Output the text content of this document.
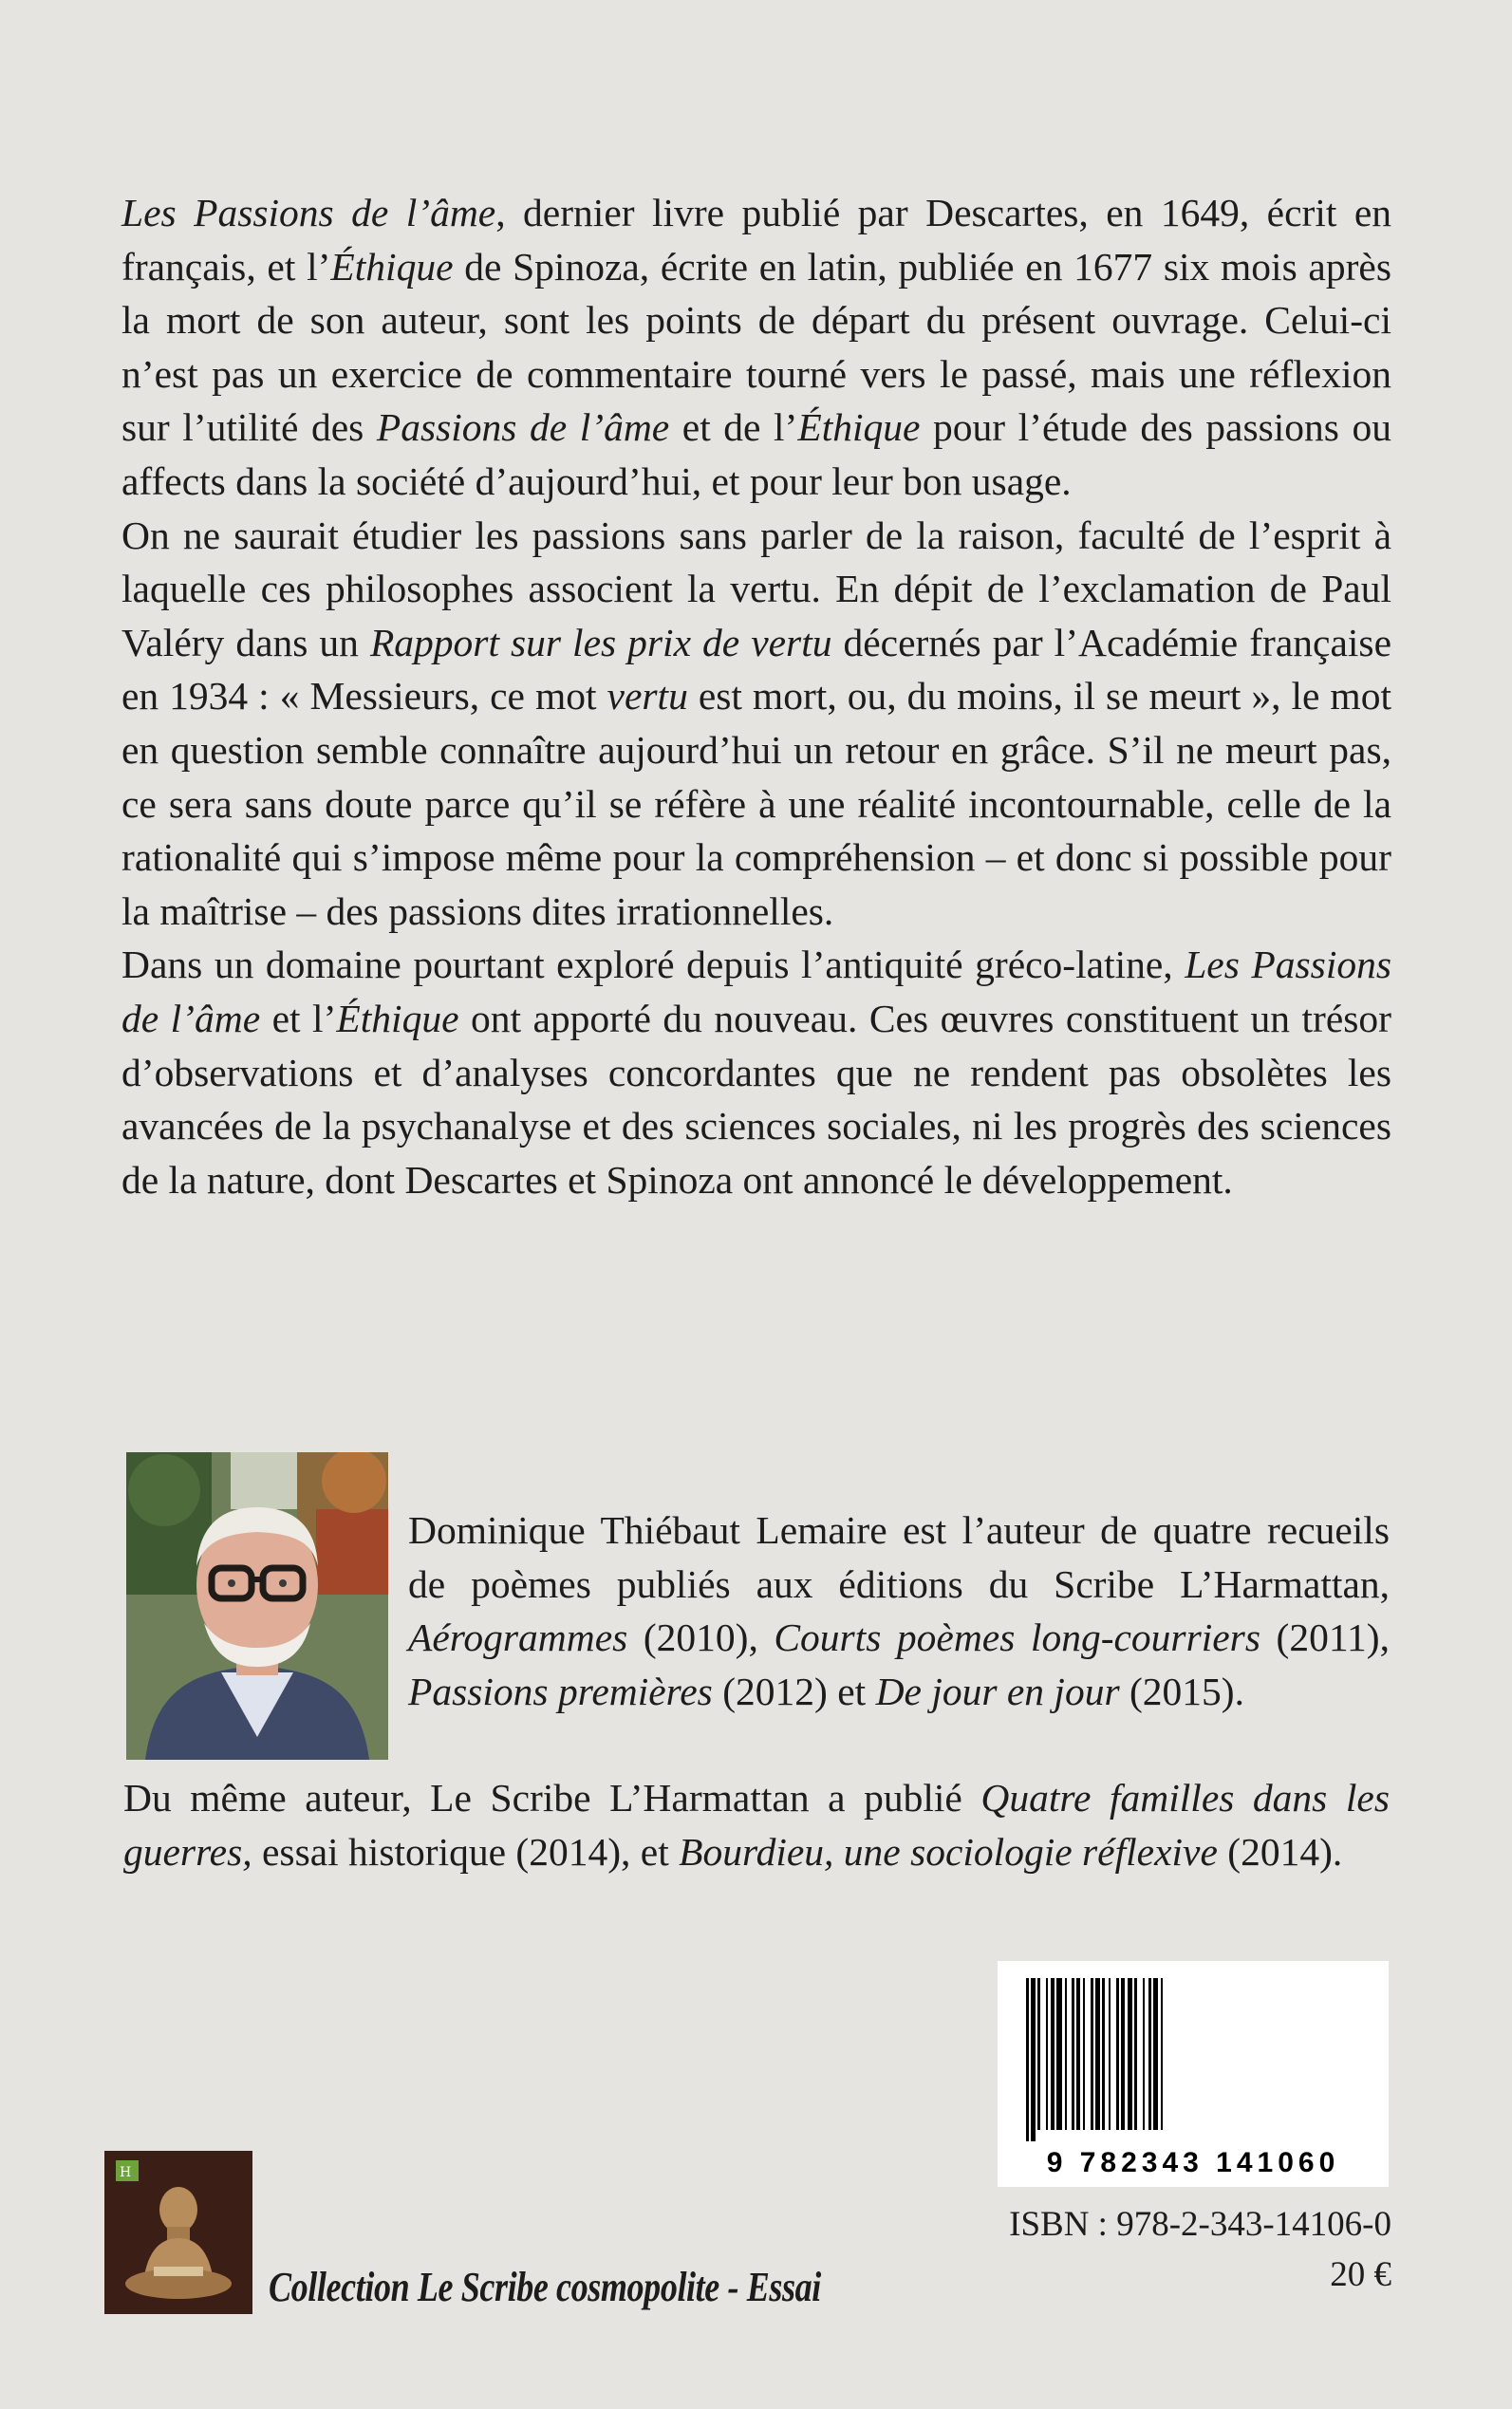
Les Passions de l’âme, dernier livre publié par Descartes, en 1649, écrit en français, et l’Éthique de Spinoza, écrite en latin, publiée en 1677 six mois après la mort de son auteur, sont les points de départ du présent ouvrage. Celui-ci n’est pas un exercice de commentaire tourné vers le passé, mais une réflexion sur l’utilité des Passions de l’âme et de l’Éthique pour l’étude des passions ou affects dans la société d’aujourd’hui, et pour leur bon usage.

On ne saurait étudier les passions sans parler de la raison, faculté de l’esprit à laquelle ces philosophes associent la vertu. En dépit de l’exclamation de Paul Valéry dans un Rapport sur les prix de vertu décernés par l’Académie française en 1934 : « Messieurs, ce mot vertu est mort, ou, du moins, il se meurt », le mot en question semble connaître aujourd’hui un retour en grâce. S’il ne meurt pas, ce sera sans doute parce qu’il se réfère à une réalité incontournable, celle de la rationalité qui s’impose même pour la compréhension – et donc si possible pour la maîtrise – des passions dites irrationnelles.

Dans un domaine pourtant exploré depuis l’antiquité gréco-latine, Les Passions de l’âme et l’Éthique ont apporté du nouveau. Ces œuvres constituent un trésor d’observations et d’analyses concordantes que ne rendent pas obsolètes les avancées de la psychanalyse et des sciences sociales, ni les progrès des sciences de la nature, dont Descartes et Spinoza ont annoncé le développement.

Dominique Thiébaut Lemaire est l’auteur de quatre recueils de poèmes publiés aux éditions du Scribe L’Harmattan, Aérogrammes (2010), Courts poèmes long-courriers (2011), Passions premières (2012) et De jour en jour (2015).

Du même auteur, Le Scribe L’Harmattan a publié Quatre familles dans les guerres, essai historique (2014), et Bourdieu, une sociologie réflexive (2014).

9 782343 141060
ISBN : 978-2-343-14106-0
20 €
H
Collection Le Scribe cosmopolite - Essai
